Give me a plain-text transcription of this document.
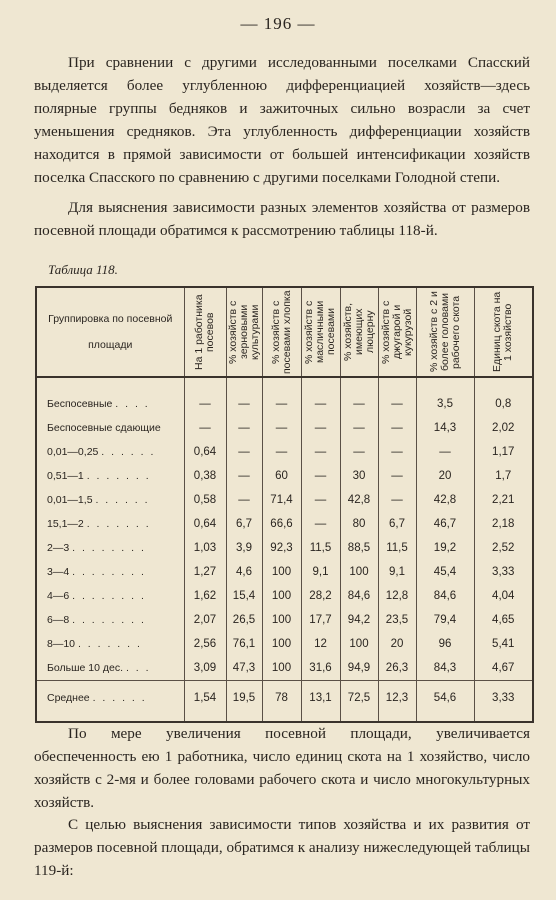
— 196 —

При сравнении с другими исследованными поселками Спасский выделяется более углубленною дифференциацией хозяйств—здесь полярные группы бедняков и зажиточных сильно возрасли за счет уменьшения средняков. Эта углубленность дифференциации хозяйств находится в прямой зависимости от большей интенсификации хозяйств поселка Спасского по сравнению с другими поселками Голодной степи.

Для выяснения зависимости разных элементов хозяйства от размеров посевной площади обратимся к рассмотрению таблицы 118-й.

Таблица 118.
Группировка по посевной площади	На 1 работника посевов	% хозяйств с зерновыми культурами	% хозяйств с посевами хлопка	% хозяйств с масличными посевами	% хозяйств, имеющих люцерну	% хозяйств с джугарой и кукурузой	% хозяйств с 2 и более головами рабочего скота	Единиц скота на 1 хозяйство

Беспосевные . . . .	—	—	—	—	—	—	3,5	0,8
Беспосевные сдающие	—	—	—	—	—	—	14,3	2,02
0,01—0,25 . . . . . .	0,64	—	—	—	—	—	—	1,17
0,51—1 . . . . . . .	0,38	—	60	—	30	—	20	1,7
0,01—1,5 . . . . . .	0,58	—	71,4	—	42,8	—	42,8	2,21
15,1—2 . . . . . . .	0,64	6,7	66,6	—	80	6,7	46,7	2,18
2—3 . . . . . . . .	1,03	3,9	92,3	11,5	88,5	11,5	19,2	2,52
3—4 . . . . . . . .	1,27	4,6	100	9,1	100	9,1	45,4	3,33
4—6 . . . . . . . .	1,62	15,4	100	28,2	84,6	12,8	84,6	4,04
6—8 . . . . . . . .	2,07	26,5	100	17,7	94,2	23,5	79,4	4,65
8—10 . . . . . . .	2,56	76,1	100	12	100	20	96	5,41
Больше 10 дес. . . .	3,09	47,3	100	31,6	94,9	26,3	84,3	4,67
Среднее . . . . . .	1,54	19,5	78	13,1	72,5	12,3	54,6	3,33

По мере увеличения посевной площади, увеличивается обеспеченность ею 1 работника, число единиц скота на 1 хозяйство, число хозяйств с 2-мя и более головами рабочего скота и число многокультурных хозяйств.

С целью выяснения зависимости типов хозяйства и их развития от размеров посевной площади, обратимся к анализу нижеследующей таблицы 119-й:
